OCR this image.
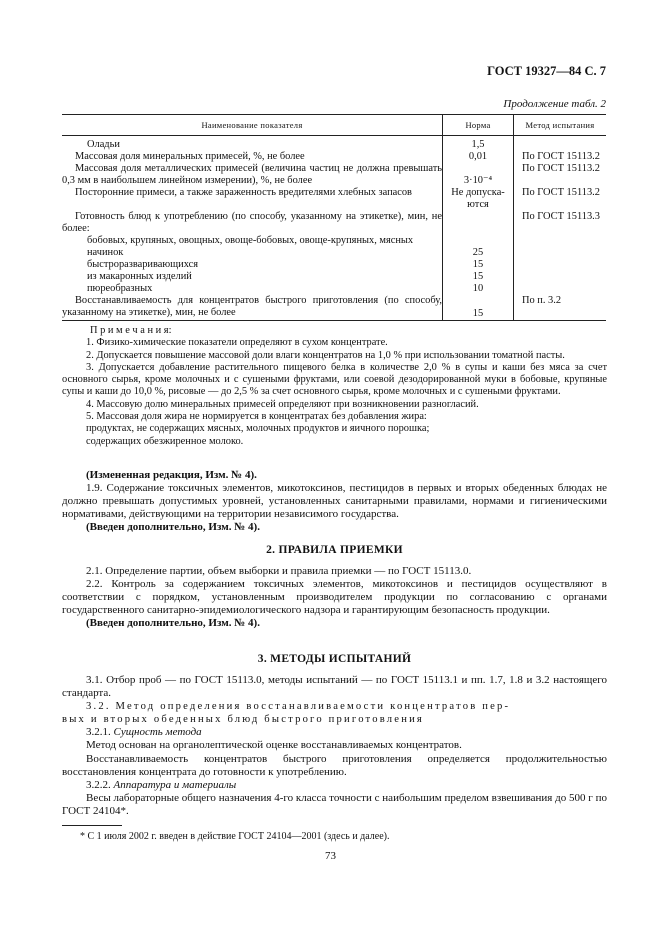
ГОСТ 19327—84 С. 7
Продолжение табл. 2
Наименование показателя	Норма	Метод испытания
Оладьи	1,5	
Массовая доля минеральных примесей, %, не более	0,01	По ГОСТ 15113.2
Массовая доля металлических примесей (величина частиц не должна превышать 0,3 мм в наибольшем линейном измерении), %, не более	3·10⁻⁴	По ГОСТ 15113.2
Посторонние примеси, а также зараженность вредителями хлебных запасов	Не допуска-ются	По ГОСТ 15113.2
Готовность блюд к употреблению (по способу, указанному на этикетке), мин, не более:		По ГОСТ 15113.3
бобовых, крупяных, овощных, овоще-бобовых, овоще-крупяных, мясных начинок	25	
быстроразваривающихся	15	
из макаронных изделий	15	
пюреобразных	10	
Восстанавливаемость для концентратов быстрого приготовления (по способу, указанному на этикетке), мин, не более	15	По п. 3.2

П р и м е ч а н и я:

1. Физико-химические показатели определяют в сухом концентрате.

2. Допускается повышение массовой доли влаги концентратов на 1,0 % при использовании томатной пасты.

3. Допускается добавление растительного пищевого белка в количестве 2,0 % в супы и каши без мяса за счет основного сырья, кроме молочных и с сушеными фруктами, или соевой дезодорированной муки в бобовые, крупяные супы и каши до 10,0 %, рисовые — до 2,5 % за счет основного сырья, кроме молочных и с сушеными фруктами.

4. Массовую долю минеральных примесей определяют при возникновении разногласий.

5. Массовая доля жира не нормируется в концентратах без добавления жира:

продуктах, не содержащих мясных, молочных продуктов и яичного порошка;

содержащих обезжиренное молоко.

(Измененная редакция, Изм. № 4).

1.9. Содержание токсичных элементов, микотоксинов, пестицидов в первых и вторых обеденных блюдах не должно превышать допустимых уровней, установленных санитарными правилами, нормами и гигиеническими нормативами, действующими на территории независимого государства.

(Введен дополнительно, Изм. № 4).

2. ПРАВИЛА ПРИЕМКИ

2.1. Определение партии, объем выборки и правила приемки — по ГОСТ 15113.0.

2.2. Контроль за содержанием токсичных элементов, микотоксинов и пестицидов осуществляют в соответствии с порядком, установленным производителем продукции по согласованию с органами государственного санитарно-эпидемиологического надзора и гарантирующим безопасность продукции.

(Введен дополнительно, Изм. № 4).

3. МЕТОДЫ ИСПЫТАНИЙ

3.1. Отбор проб — по ГОСТ 15113.0, методы испытаний — по ГОСТ 15113.1 и пп. 1.7, 1.8 и 3.2 настоящего стандарта.

3.2. Метод определения восстанавливаемости концентратов пер-

вых и вторых обеденных блюд быстрого приготовления

3.2.1. Сущность метода

Метод основан на органолептической оценке восстанавливаемых концентратов.

Восстанавливаемость концентратов быстрого приготовления определяется продолжительностью восстановления концентрата до готовности к употреблению.

3.2.2. Аппаратура и материалы

Весы лабораторные общего назначения 4-го класса точности с наибольшим пределом взвешивания до 500 г по ГОСТ 24104*.

* С 1 июля 2002 г. введен в действие ГОСТ 24104—2001 (здесь и далее).
73
